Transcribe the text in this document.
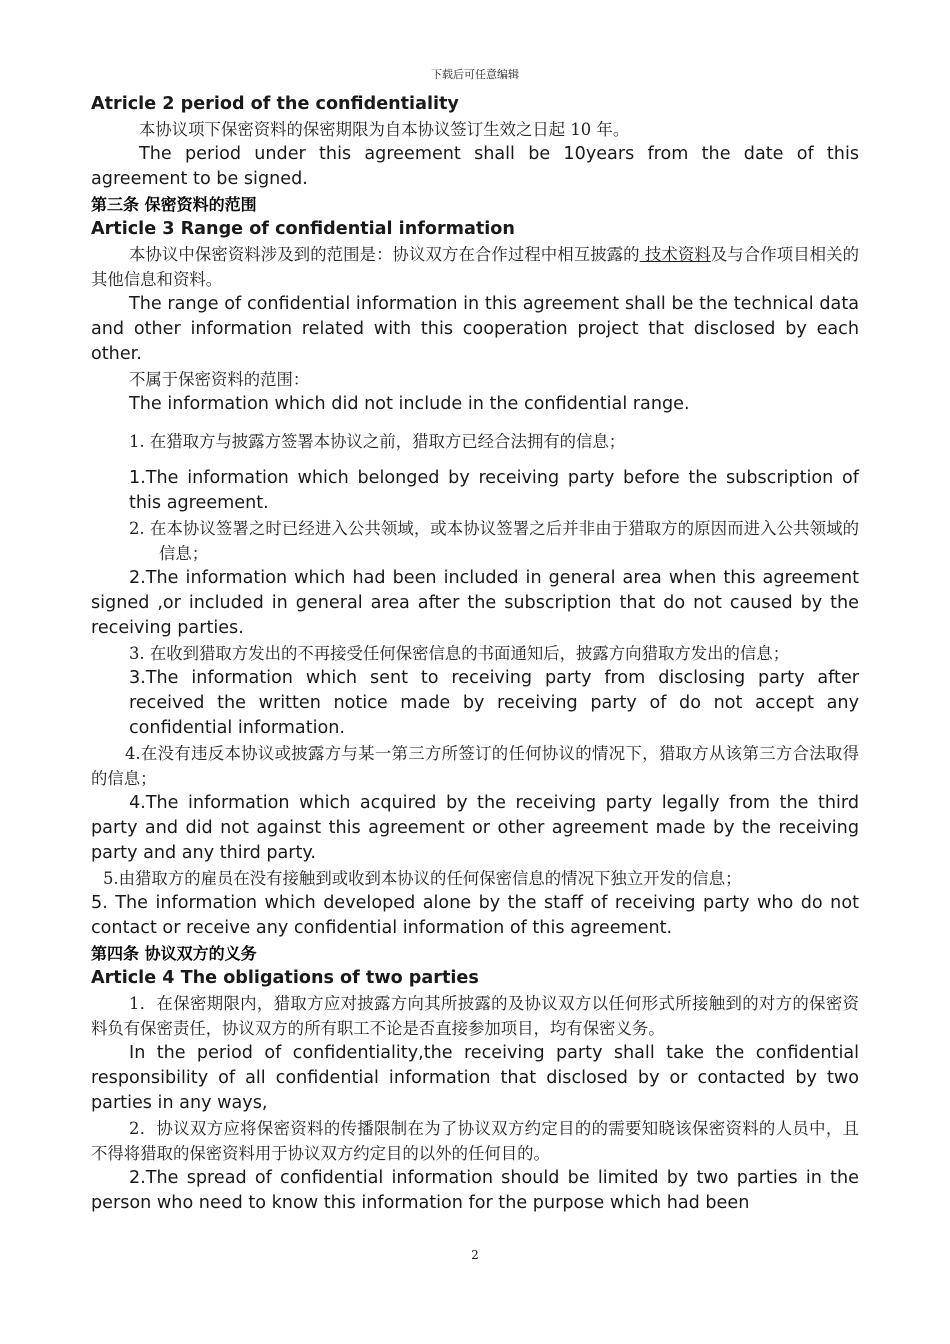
下载后可任意编辑

Atricle 2 period of the confidentiality

本协议项下保密资料的保密期限为自本协议签订生效之日起 10 年。

The period under this agreement shall be 10years from the date of this agreement to be signed.

第三条 保密资料的范围

Article 3 Range of confidential information

本协议中保密资料涉及到的范围是：协议双方在合作过程中相互披露的 技术资料及与合作项目相关的其他信息和资料。

The range of confidential information in this agreement shall be the technical data and other information related with this cooperation project that disclosed by each other.

不属于保密资料的范围：

The information which did not include in the confidential range.

1. 在猎取方与披露方签署本协议之前，猎取方已经合法拥有的信息；

1.The information which belonged by receiving party before the subscription of this agreement.

2. 在本协议签署之时已经进入公共领域，或本协议签署之后并非由于猎取方的原因而进入公共领域的信息；

2.The information which had been included in general area when this agreement signed ,or included in general area after the subscription that do not caused by the receiving parties.

3. 在收到猎取方发出的不再接受任何保密信息的书面通知后，披露方向猎取方发出的信息；

3.The information which sent to receiving party from disclosing party after received the written notice made by receiving party of do not accept any confidential information.

4.在没有违反本协议或披露方与某一第三方所签订的任何协议的情况下，猎取方从该第三方合法取得的信息；

4.The information which acquired by the receiving party legally from the third party and did not against this agreement or other agreement made by the receiving party and any third party.

5.由猎取方的雇员在没有接触到或收到本协议的任何保密信息的情况下独立开发的信息；

5. The information which developed alone by the staff of receiving party who do not contact or receive any confidential information of this agreement.

第四条 协议双方的义务

Article 4 The obligations of two parties

1．在保密期限内，猎取方应对披露方向其所披露的及协议双方以任何形式所接触到的对方的保密资料负有保密责任，协议双方的所有职工不论是否直接参加项目，均有保密义务。

In the period of confidentiality,the receiving party shall take the confidential responsibility of all confidential information that disclosed by or contacted by two parties in any ways,

2．协议双方应将保密资料的传播限制在为了协议双方约定目的的需要知晓该保密资料的人员中，且不得将猎取的保密资料用于协议双方约定目的以外的任何目的。

2.The spread of confidential information should be limited by two parties in the person who need to know this information for the purpose which had been

2
